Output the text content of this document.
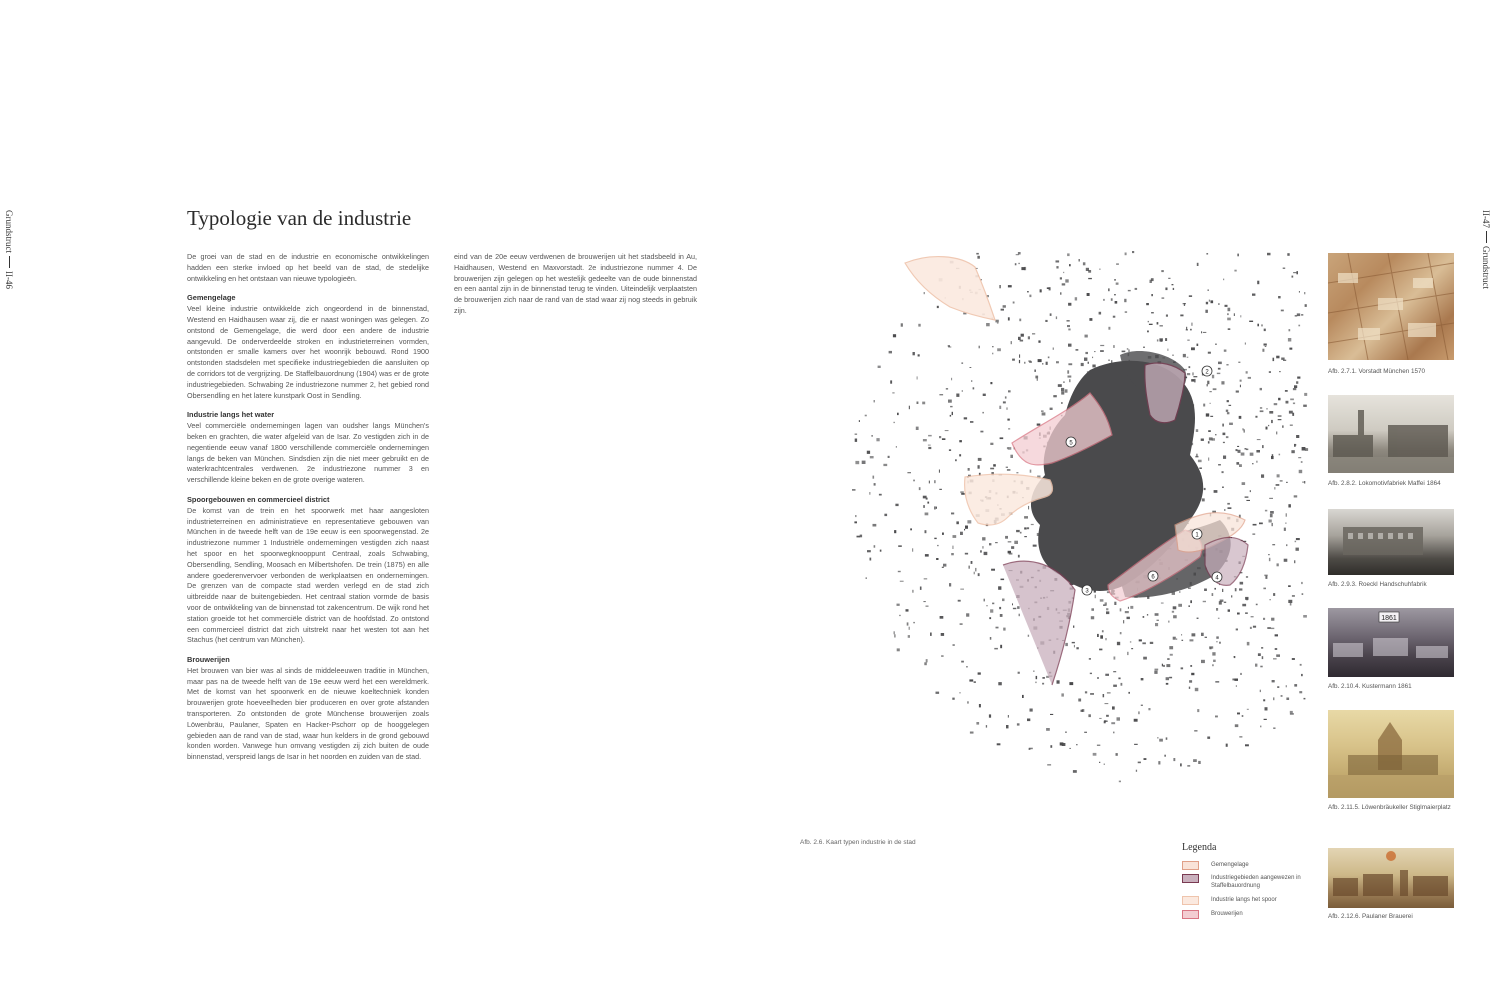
GrundstructII-46
Typologie van de industrie

De groei van de stad en de industrie en economische ontwikkelingen hadden een sterke invloed op het beeld van de stad, de stedelijke ontwikkeling en het ontstaan van nieuwe typologieën.

Gemengelage

Veel kleine industrie ontwikkelde zich ongeordend in de binnenstad, Westend en Haidhausen waar zij, die er naast woningen was gelegen. Zo ontstond de Gemengelage, die werd door een andere de industrie aangevuld. De onderverdeelde stroken en industrieterreinen vormden, ontstonden er smalle kamers over het woonrijk bebouwd. Rond 1900 ontstonden stadsdelen met specifieke industriegebieden die aansluiten op de corridors tot de vergrijzing. De Staffelbauordnung (1904) was er de grote industriegebieden. Schwabing 2e industriezone nummer 2, het gebied rond Obersendling en het latere kunstpark Oost in Sendling.

Industrie langs het water

Veel commerciële ondernemingen lagen van oudsher langs München's beken en grachten, die water afgeleid van de Isar. Zo vestigden zich in de negentiende eeuw vanaf 1800 verschillende commerciële ondernemingen langs de beken van München. Sindsdien zijn die niet meer gebruikt en de waterkrachtcentrales verdwenen. 2e industriezone nummer 3 en verschillende kleine beken en de grote overige wateren.

Spoorgebouwen en commercieel district

De komst van de trein en het spoorwerk met haar aangesloten industrieterreinen en administratieve en representatieve gebouwen van München in de tweede helft van de 19e eeuw is een spoorwegenstad. 2e industriezone nummer 1 Industriële ondernemingen vestigden zich naast het spoor en het spoorwegknooppunt Centraal, zoals Schwabing, Obersendling, Sendling, Moosach en Milbertshofen. De trein (1875) en alle andere goederenvervoer verbonden de werkplaatsen en ondernemingen. De grenzen van de compacte stad werden verlegd en de stad zich uitbreidde naar de buitengebieden. Het centraal station vormde de basis voor de ontwikkeling van de binnenstad tot zakencentrum. De wijk rond het station groeide tot het commerciële district van de hoofdstad. Zo ontstond een commercieel district dat zich uitstrekt naar het westen tot aan het Stachus (het centrum van München).

Brouwerijen

Het brouwen van bier was al sinds de middeleeuwen traditie in München, maar pas na de tweede helft van de 19e eeuw werd het een wereldmerk. Met de komst van het spoorwerk en de nieuwe koeltechniek konden brouwerijen grote hoeveelheden bier produceren en over grote afstanden transporteren. Zo ontstonden de grote Münchense brouwerijen zoals Löwenbräu, Paulaner, Spaten en Hacker-Pschorr op de hooggelegen gebieden aan de rand van de stad, waar hun kelders in de grond gebouwd konden worden. Vanwege hun omvang vestigden zij zich buiten de oude binnenstad, verspreid langs de Isar in het noorden en zuiden van de stad.

eind van de 20e eeuw verdwenen de brouwerijen uit het stadsbeeld in Au, Haidhausen, Westend en Maxvorstadt. 2e industriezone nummer 4. De brouwerijen zijn gelegen op het westelijk gedeelte van de oude binnenstad en een aantal zijn in de binnenstad terug te vinden. Uiteindelijk verplaatsten de brouwerijen zich naar de rand van de stad waar zij nog steeds in gebruik zijn.

II-47Grundstruct
1
2
3
4
5
6
Afb. 2.6. Kaart typen industrie in de stad	Legenda
Gemengelage
Industriegebieden aangewezen in Staffelbauordnung
Industrie langs het spoor
Brouwerijen
Afb. 2.7.1. Vorstadt München 1570
Afb. 2.8.2. Lokomotivfabriek Maffei 1864
Afb. 2.9.3. Roeckl Handschuhfabrik
1861
Afb. 2.10.4. Kustermann 1861
Afb. 2.11.5. Löwenbräukeller Stiglmaierplatz
Afb. 2.12.6. Paulaner Brauerei
